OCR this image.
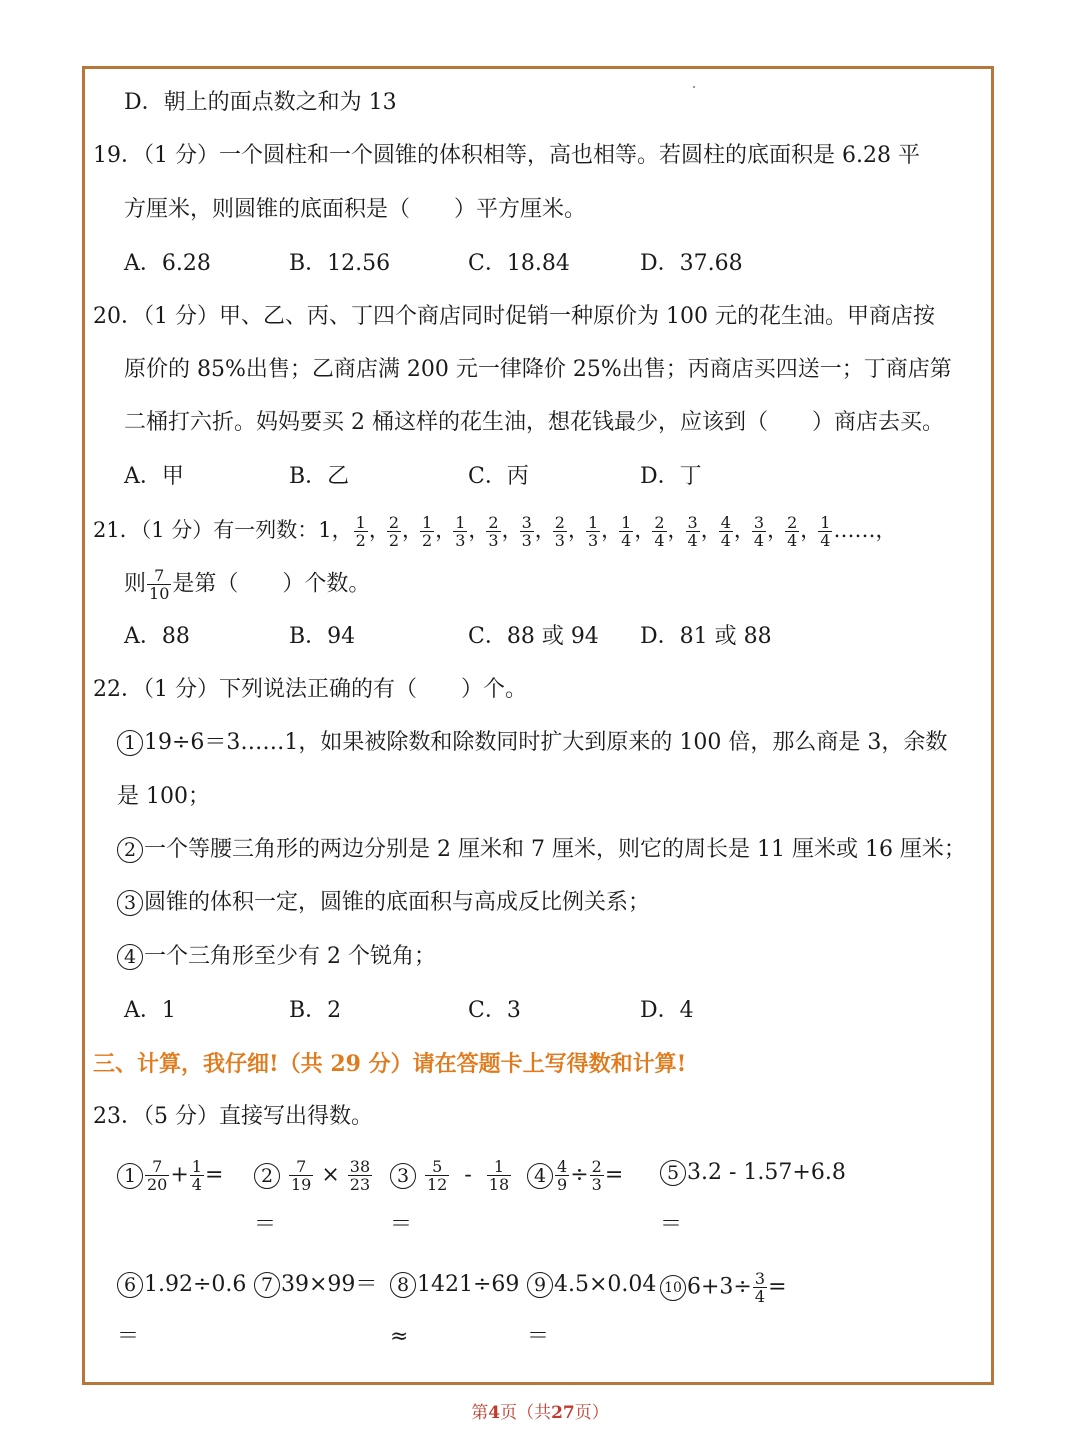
D．朝上的面点数之和为 13
19．（1 分）一个圆柱和一个圆锥的体积相等，高也相等。若圆柱的底面积是 6.28 平
方厘米，则圆锥的底面积是（　　）平方厘米。
A．6.28	B．12.56	C．18.84	D．37.68
20．（1 分）甲、乙、丙、丁四个商店同时促销一种原价为 100 元的花生油。甲商店按
原价的 85%出售；乙商店满 200 元一律降价 25%出售；丙商店买四送一；丁商店第
二桶打六折。妈妈要买 2 桶这样的花生油，想花钱最少，应该到（　　）商店去买。
A．甲	B．乙	C．丙	D．丁
21．（1 分）有一列数：1， $\frac{1}{2}$ ，
$\frac{2}{2}$ ，
$\frac{1}{2}$ ，
$\frac{1}{3}$ ，
$\frac{2}{3}$ ，
$\frac{3}{3}$ ，
$\frac{2}{3}$ ，
$\frac{1}{3}$ ，
$\frac{1}{4}$ ，
$\frac{2}{4}$ ，
$\frac{3}{4}$ ，
$\frac{4}{4}$ ，
$\frac{3}{4}$ ，
$\frac{2}{4}$ ，
$\frac{1}{4}$ ……，
则 $\frac{7}{10}$ 是第（　　）个数。
A．88	B．94	C．88 或 94 D．81 或 88
22．（1 分）下列说法正确的有（　　）个。
1 19÷6＝3……1，如果被除数和除数同时扩大到原来的 100 倍，那么商是 3，余数
是 100；
2 一个等腰三角形的两边分别是 2 厘米和 7 厘米，则它的周长是 11 厘米或 16 厘米；
3 圆锥的体积一定，圆锥的底面积与高成反比例关系；
4 一个三角形至少有 2 个锐角；
A．1	B．2	C．3	D．4
三、计算，我仔细!（共 29 分）请在答题卡上写得数和计算!
23．（5 分）直接写出得数。
$1 \frac{7}{20} + \frac{1}{4}$ =	$2 \frac{7}{19} \times \frac{38}{23}$	$3 \frac{5}{12} - \frac{1}{18}$	$4 \frac{4}{9} \div \frac{2}{3}$ =	5 3.2 - 1.57+6.8
＝	＝	＝
6 1.92÷0.6 7 39×99＝	8 1421÷69 9 4.5×0.04 10 $6+3\div \frac{3}{4}$ =
＝	≈	＝
第4页（共27页）
